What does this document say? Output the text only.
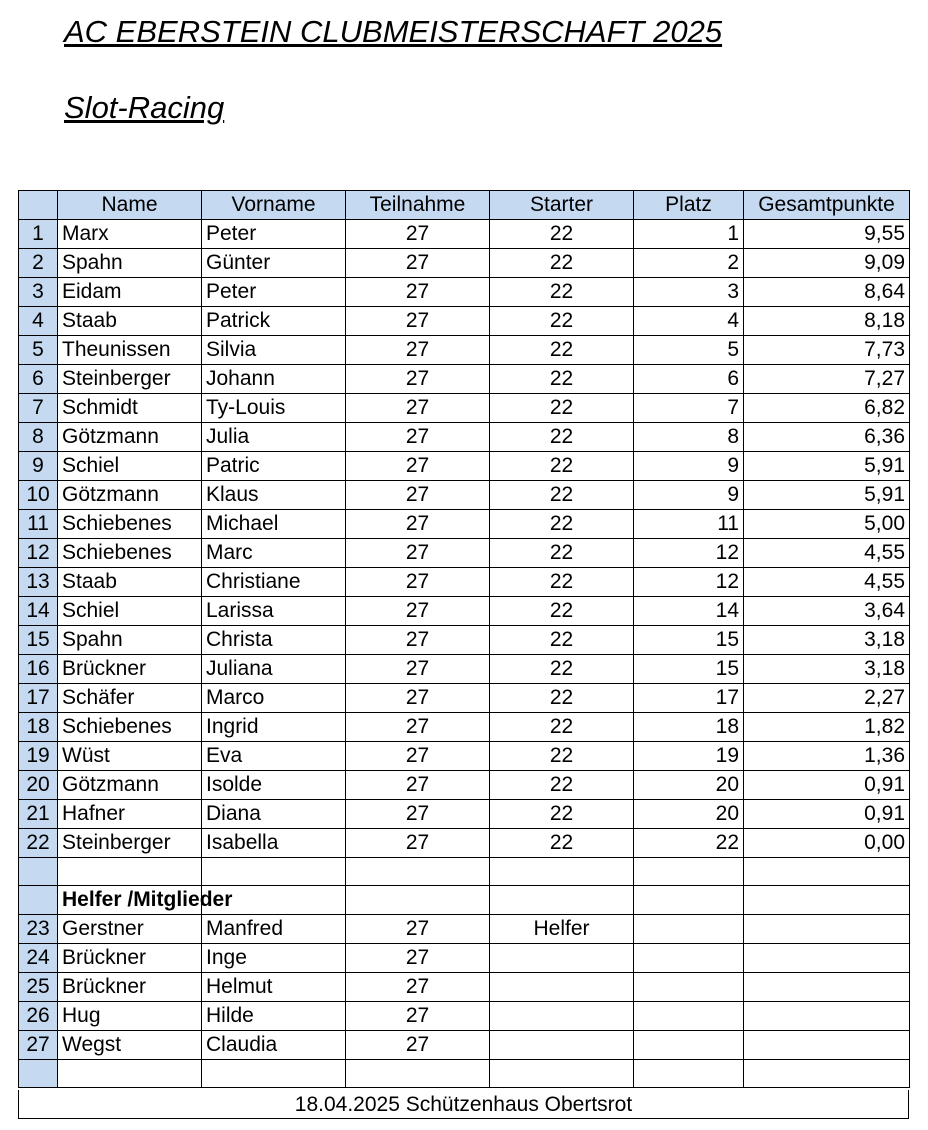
AC EBERSTEIN CLUBMEISTERSCHAFT 2025
Slot-Racing
	Name	Vorname	Teilnahme	Starter	Platz	Gesamtpunkte
1	Marx	Peter	27	22	1	9,55
2	Spahn	Günter	27	22	2	9,09
3	Eidam	Peter	27	22	3	8,64
4	Staab	Patrick	27	22	4	8,18
5	Theunissen	Silvia	27	22	5	7,73
6	Steinberger	Johann	27	22	6	7,27
7	Schmidt	Ty-Louis	27	22	7	6,82
8	Götzmann	Julia	27	22	8	6,36
9	Schiel	Patric	27	22	9	5,91
10	Götzmann	Klaus	27	22	9	5,91
11	Schiebenes	Michael	27	22	11	5,00
12	Schiebenes	Marc	27	22	12	4,55
13	Staab	Christiane	27	22	12	4,55
14	Schiel	Larissa	27	22	14	3,64
15	Spahn	Christa	27	22	15	3,18
16	Brückner	Juliana	27	22	15	3,18
17	Schäfer	Marco	27	22	17	2,27
18	Schiebenes	Ingrid	27	22	18	1,82
19	Wüst	Eva	27	22	19	1,36
20	Götzmann	Isolde	27	22	20	0,91
21	Hafner	Diana	27	22	20	0,91
22	Steinberger	Isabella	27	22	22	0,00

	Helfer /Mitglieder					
23	Gerstner	Manfred	27	Helfer		
24	Brückner	Inge	27			
25	Brückner	Helmut	27			
26	Hug	Hilde	27			
27	Wegst	Claudia	27			

18.04.2025 Schützenhaus Obertsrot
